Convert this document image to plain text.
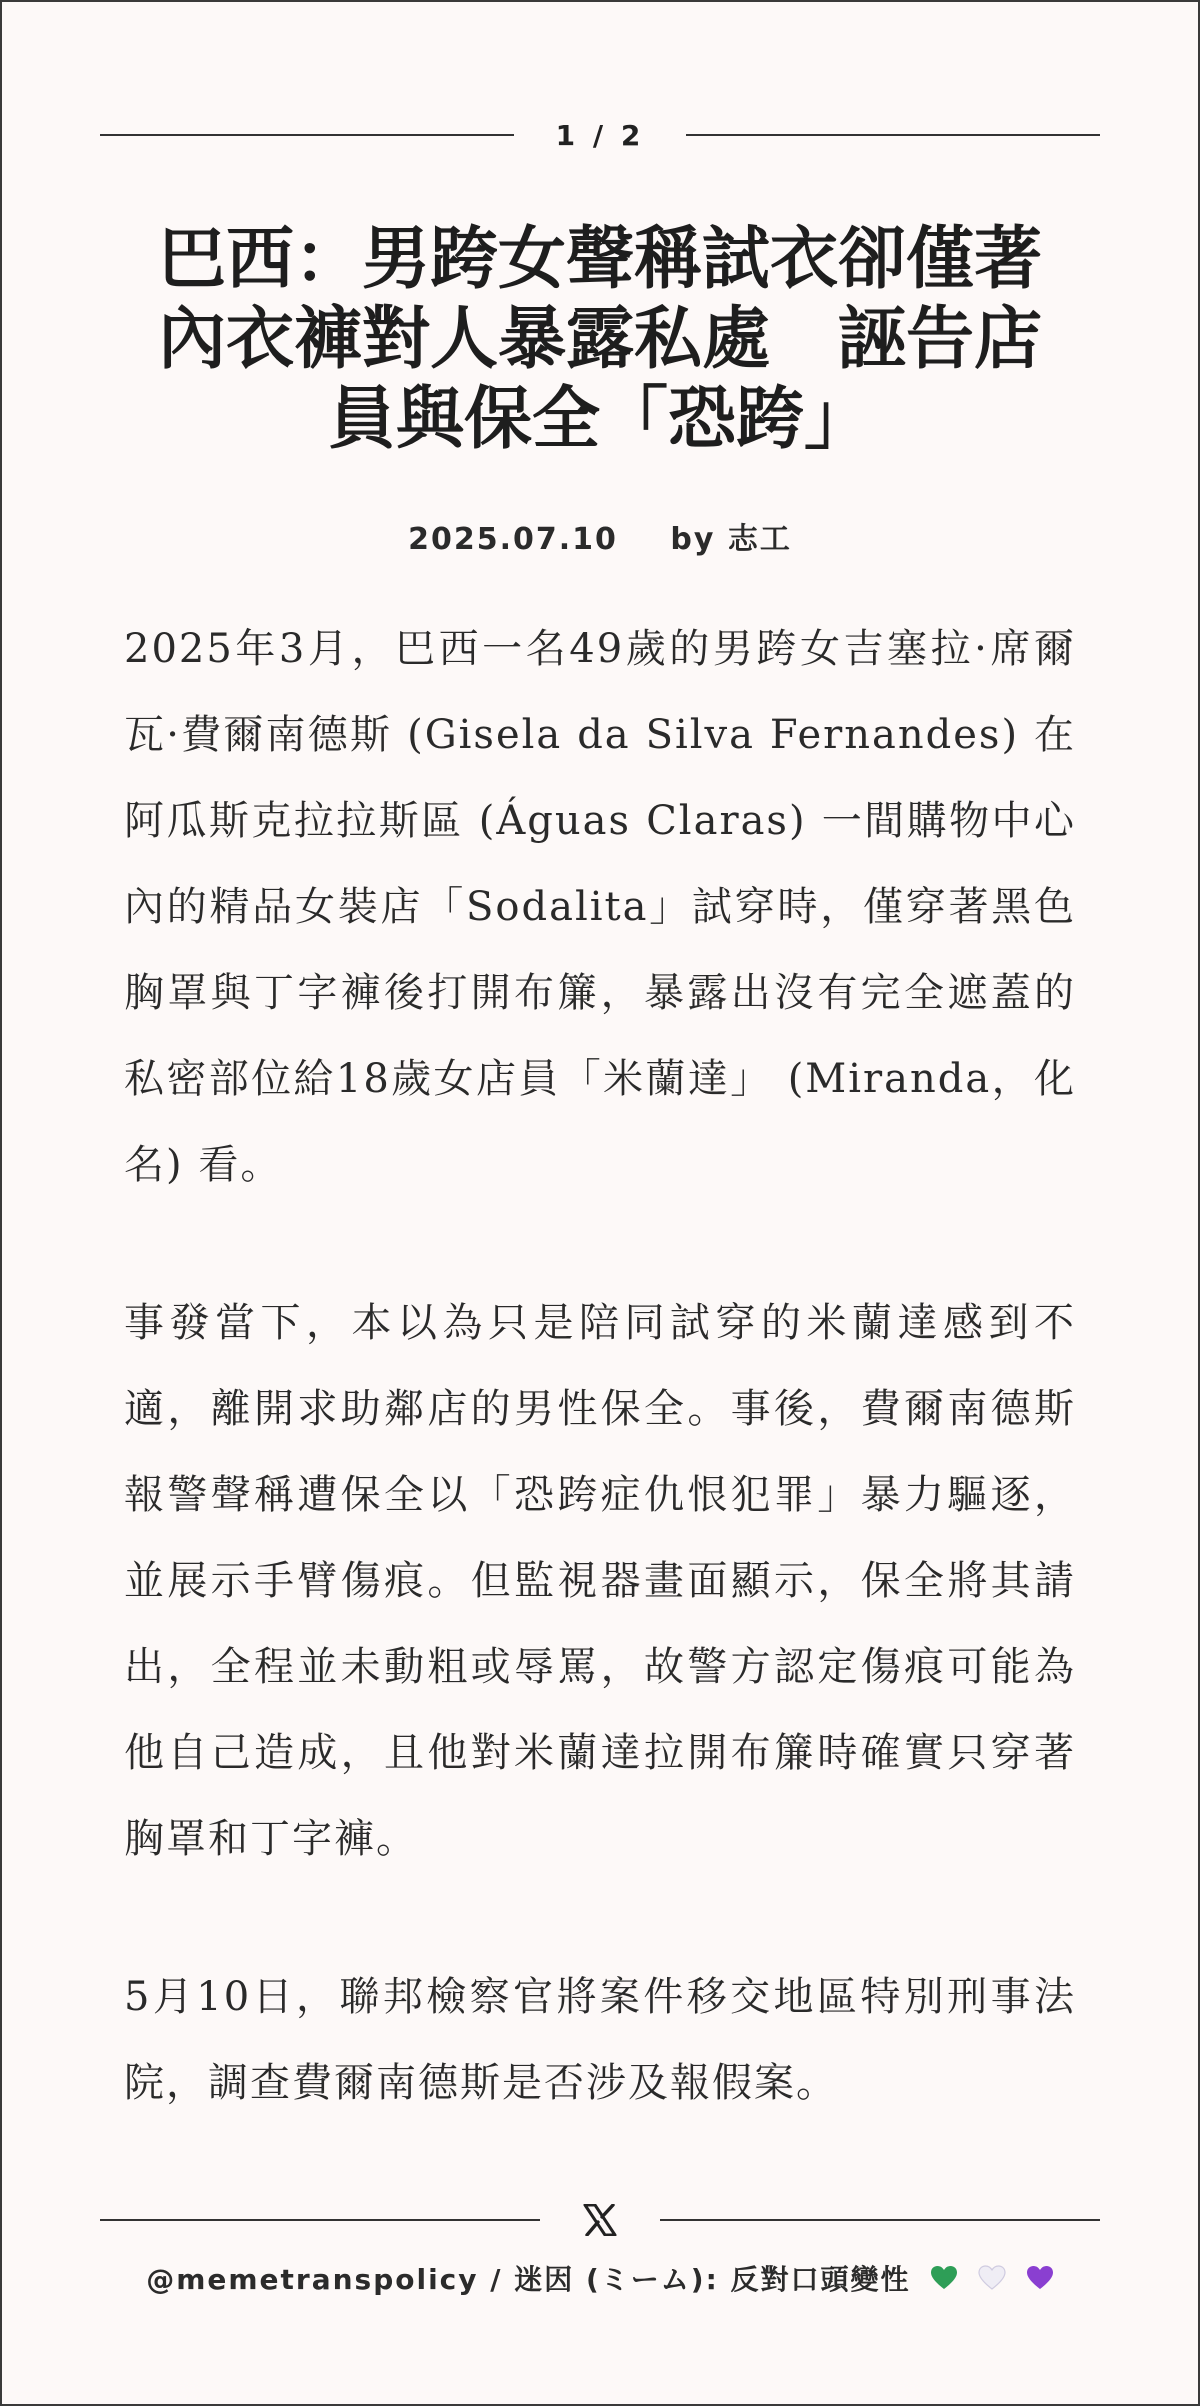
1 / 2
巴西：男跨女聲稱試衣卻僅著
內衣褲對人暴露私處　誣告店
員與保全「恐跨」
2025.07.10 by 志工

2025年3月，巴西一名49歲的男跨女吉塞拉·席爾瓦·費爾南德斯 (Gisela da Silva Fernandes) 在阿瓜斯克拉拉斯區 (Águas Claras) 一間購物中心內的精品女裝店「Sodalita」試穿時，僅穿著黑色胸罩與丁字褲後打開布簾，暴露出沒有完全遮蓋的私密部位給18歲女店員「米蘭達」 (Miranda，化名) 看。

事發當下，本以為只是陪同試穿的米蘭達感到不適，離開求助鄰店的男性保全。事後，費爾南德斯報警聲稱遭保全以「恐跨症仇恨犯罪」暴力驅逐，並展示手臂傷痕。但監視器畫面顯示，保全將其請出，全程並未動粗或辱罵，故警方認定傷痕可能為他自己造成，且他對米蘭達拉開布簾時確實只穿著胸罩和丁字褲。

5月10日，聯邦檢察官將案件移交地區特別刑事法院，調查費爾南德斯是否涉及報假案。

@memetranspolicy / 迷因 (ミーム): 反對口頭變性
